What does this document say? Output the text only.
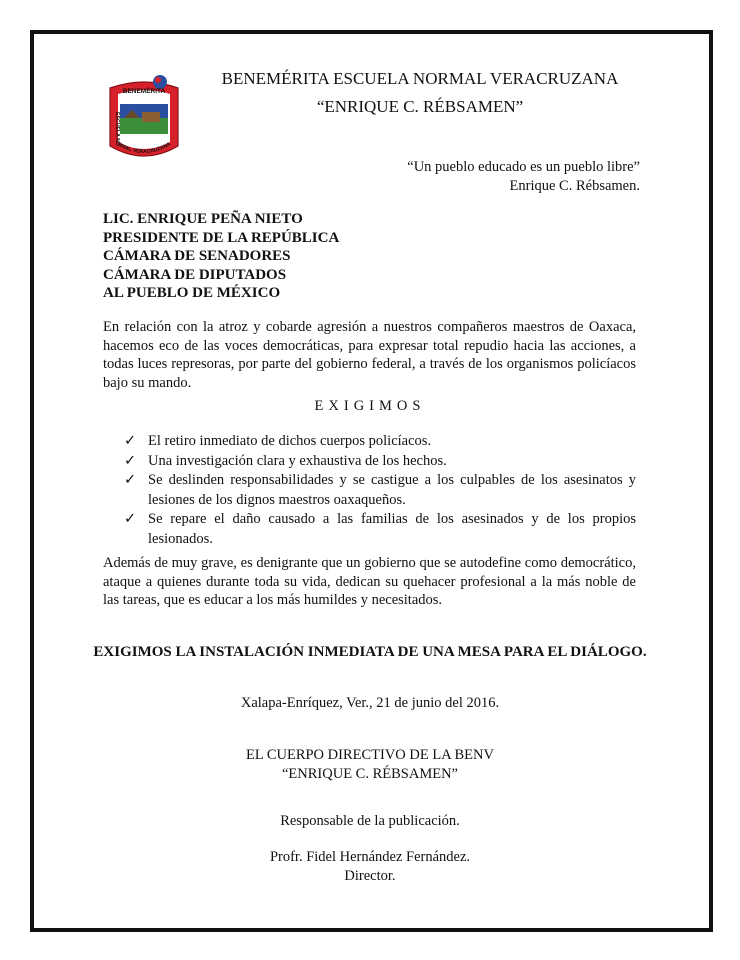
BENEMÉRITA
ESCUELA NORMAL VERACRUZANA
BENEMÉRITA ESCUELA NORMAL VERACRUZANA
“ENRIQUE C. RÉBSAMEN”
“Un pueblo educado es un pueblo libre”
Enrique C. Rébsamen.
LIC. ENRIQUE PEÑA NIETO
PRESIDENTE DE LA REPÚBLICA
CÁMARA DE SENADORES
CÁMARA DE DIPUTADOS
AL PUEBLO DE MÉXICO
En relación con la atroz y cobarde agresión a nuestros compañeros maestros de Oaxaca, hacemos eco de las voces democráticas, para expresar total repudio hacia las acciones, a todas luces represoras, por parte del gobierno federal, a través de los organismos policíacos bajo su mando.
EXIGIMOS
✓ El retiro inmediato de dichos cuerpos policíacos.
✓ Una investigación clara y exhaustiva de los hechos.
✓ Se deslinden responsabilidades y se castigue a los culpables de los asesinatos y lesiones de los dignos maestros oaxaqueños.
✓ Se repare el daño causado a las familias de los asesinados y de los propios lesionados.
Además de muy grave, es denigrante que un gobierno que se autodefine como democrático, ataque a quienes durante toda su vida, dedican su quehacer profesional a la más noble de las tareas, que es educar a los más humildes y necesitados.
EXIGIMOS LA INSTALACIÓN INMEDIATA DE UNA MESA PARA EL DIÁLOGO.
Xalapa-Enríquez, Ver., 21 de junio del 2016.
EL CUERPO DIRECTIVO DE LA BENV
“ENRIQUE C. RÉBSAMEN”
Responsable de la publicación.
Profr. Fidel Hernández Fernández.
Director.
